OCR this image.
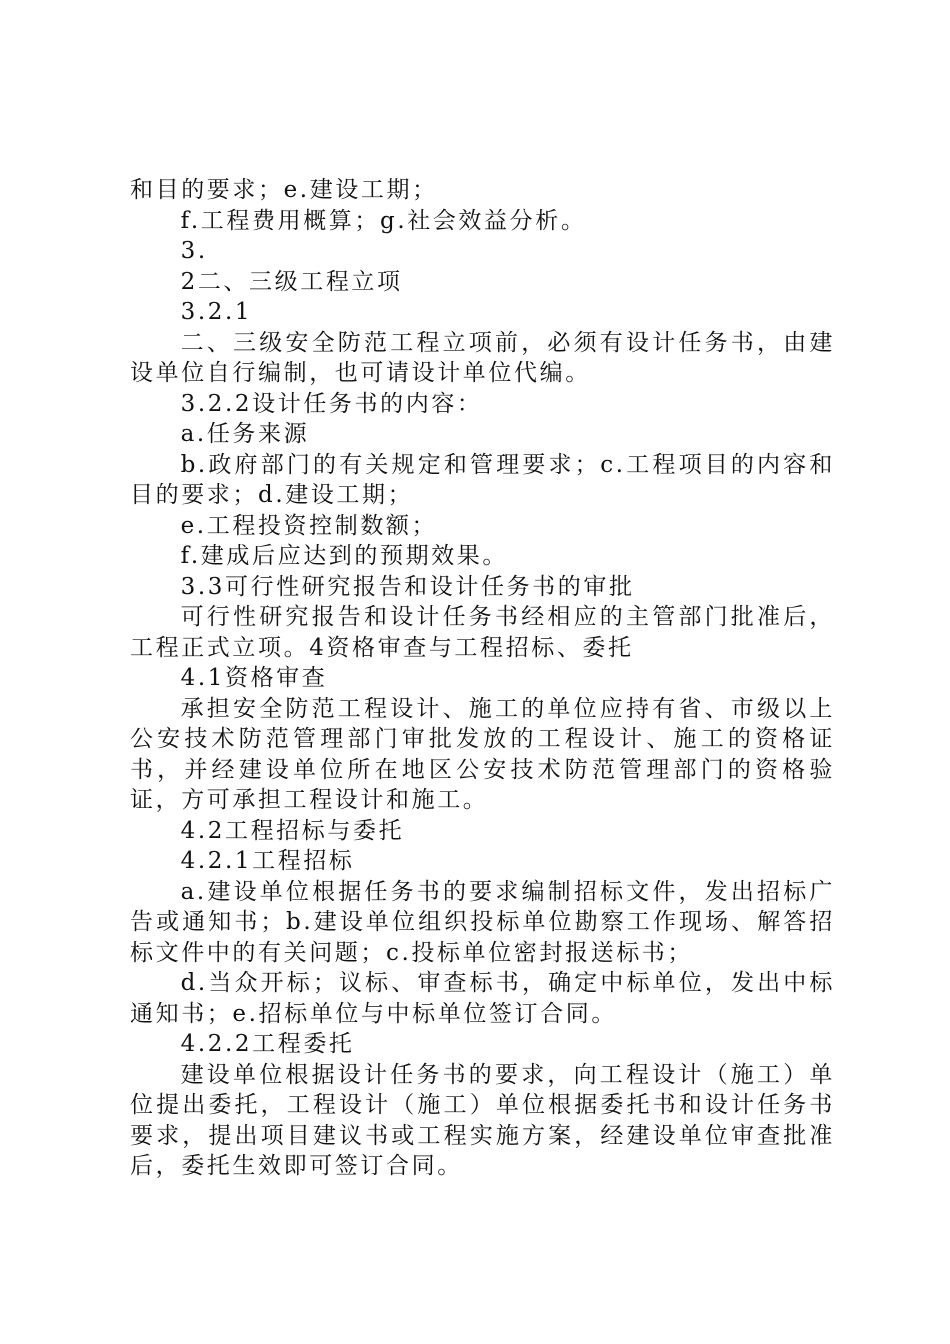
和目的要求；e.建设工期；

f.工程费用概算；g.社会效益分析。

3.

2二、三级工程立项

3.2.1

二、三级安全防范工程立项前，必须有设计任务书，由建设单位自行编制，也可请设计单位代编。

3.2.2设计任务书的内容：

a.任务来源

b.政府部门的有关规定和管理要求；c.工程项目的内容和目的要求；d.建设工期；

e.工程投资控制数额；

f.建成后应达到的预期效果。

3.3可行性研究报告和设计任务书的审批

可行性研究报告和设计任务书经相应的主管部门批准后，工程正式立项。4资格审查与工程招标、委托

4.1资格审查

承担安全防范工程设计、施工的单位应持有省、市级以上公安技术防范管理部门审批发放的工程设计、施工的资格证书，并经建设单位所在地区公安技术防范管理部门的资格验证，方可承担工程设计和施工。

4.2工程招标与委托

4.2.1工程招标

a.建设单位根据任务书的要求编制招标文件，发出招标广告或通知书；b.建设单位组织投标单位勘察工作现场、解答招标文件中的有关问题；c.投标单位密封报送标书；

d.当众开标；议标、审查标书，确定中标单位，发出中标通知书；e.招标单位与中标单位签订合同。

4.2.2工程委托

建设单位根据设计任务书的要求，向工程设计（施工）单位提出委托，工程设计（施工）单位根据委托书和设计任务书要求，提出项目建议书或工程实施方案，经建设单位审查批准后，委托生效即可签订合同。
